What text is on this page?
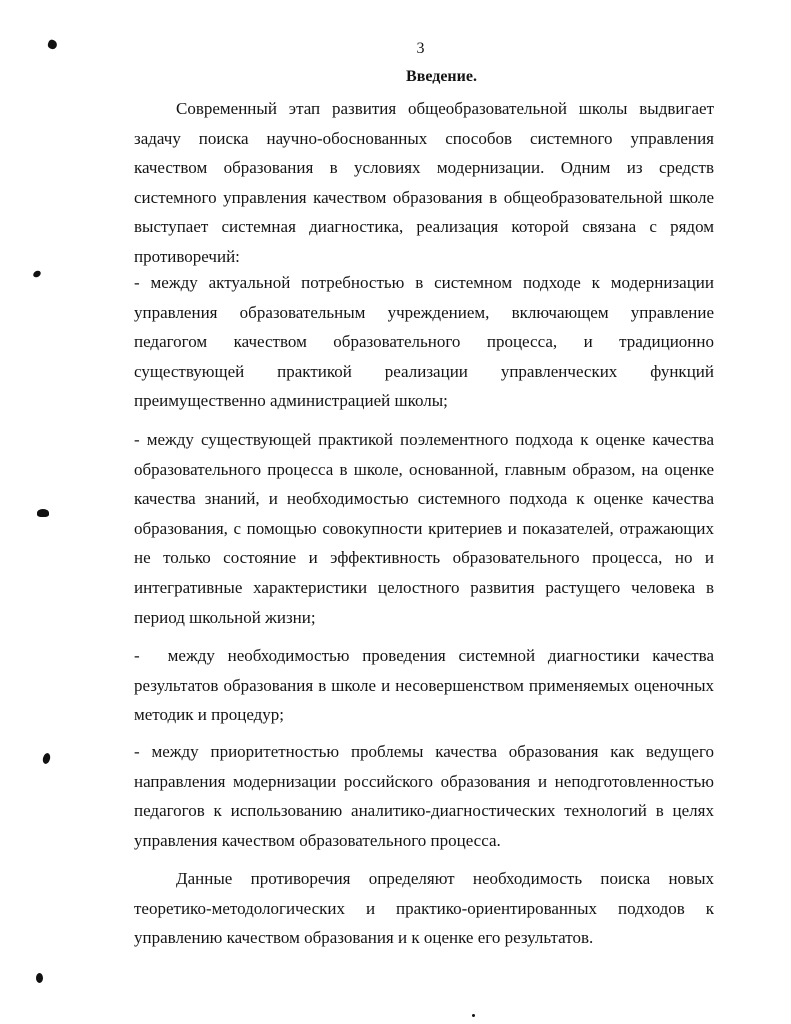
3
Введение.

Современный этап развития общеобразовательной школы выдвигает задачу поиска научно-обоснованных способов системного управления качеством образования в условиях модернизации. Одним из средств системного управления качеством образования в общеобразовательной школе выступает системная диагностика, реализация которой связана с рядом противоречий:

- между актуальной потребностью в системном подходе к модернизации управления образовательным учреждением, включающем управление педагогом качеством образовательного процесса, и традиционно существующей практикой реализации управленческих функций преимущественно администрацией школы;

- между существующей практикой поэлементного подхода к оценке качества образовательного процесса в школе, основанной, главным образом, на оценке качества знаний, и необходимостью системного подхода к оценке качества образования, с помощью совокупности критериев и показателей, отражающих не только состояние и эффективность образовательного процесса, но и интегративные характеристики целостного развития растущего человека в период школьной жизни;

- между необходимостью проведения системной диагностики качества результатов образования в школе и несовершенством применяемых оценочных методик и процедур;

- между приоритетностью проблемы качества образования как ведущего направления модернизации российского образования и неподготовленностью педагогов к использованию аналитико-диагностических технологий в целях управления качеством образовательного процесса.

Данные противоречия определяют необходимость поиска новых теоретико-методологических и практико-ориентированных подходов к управлению качеством образования и к оценке его результатов.
